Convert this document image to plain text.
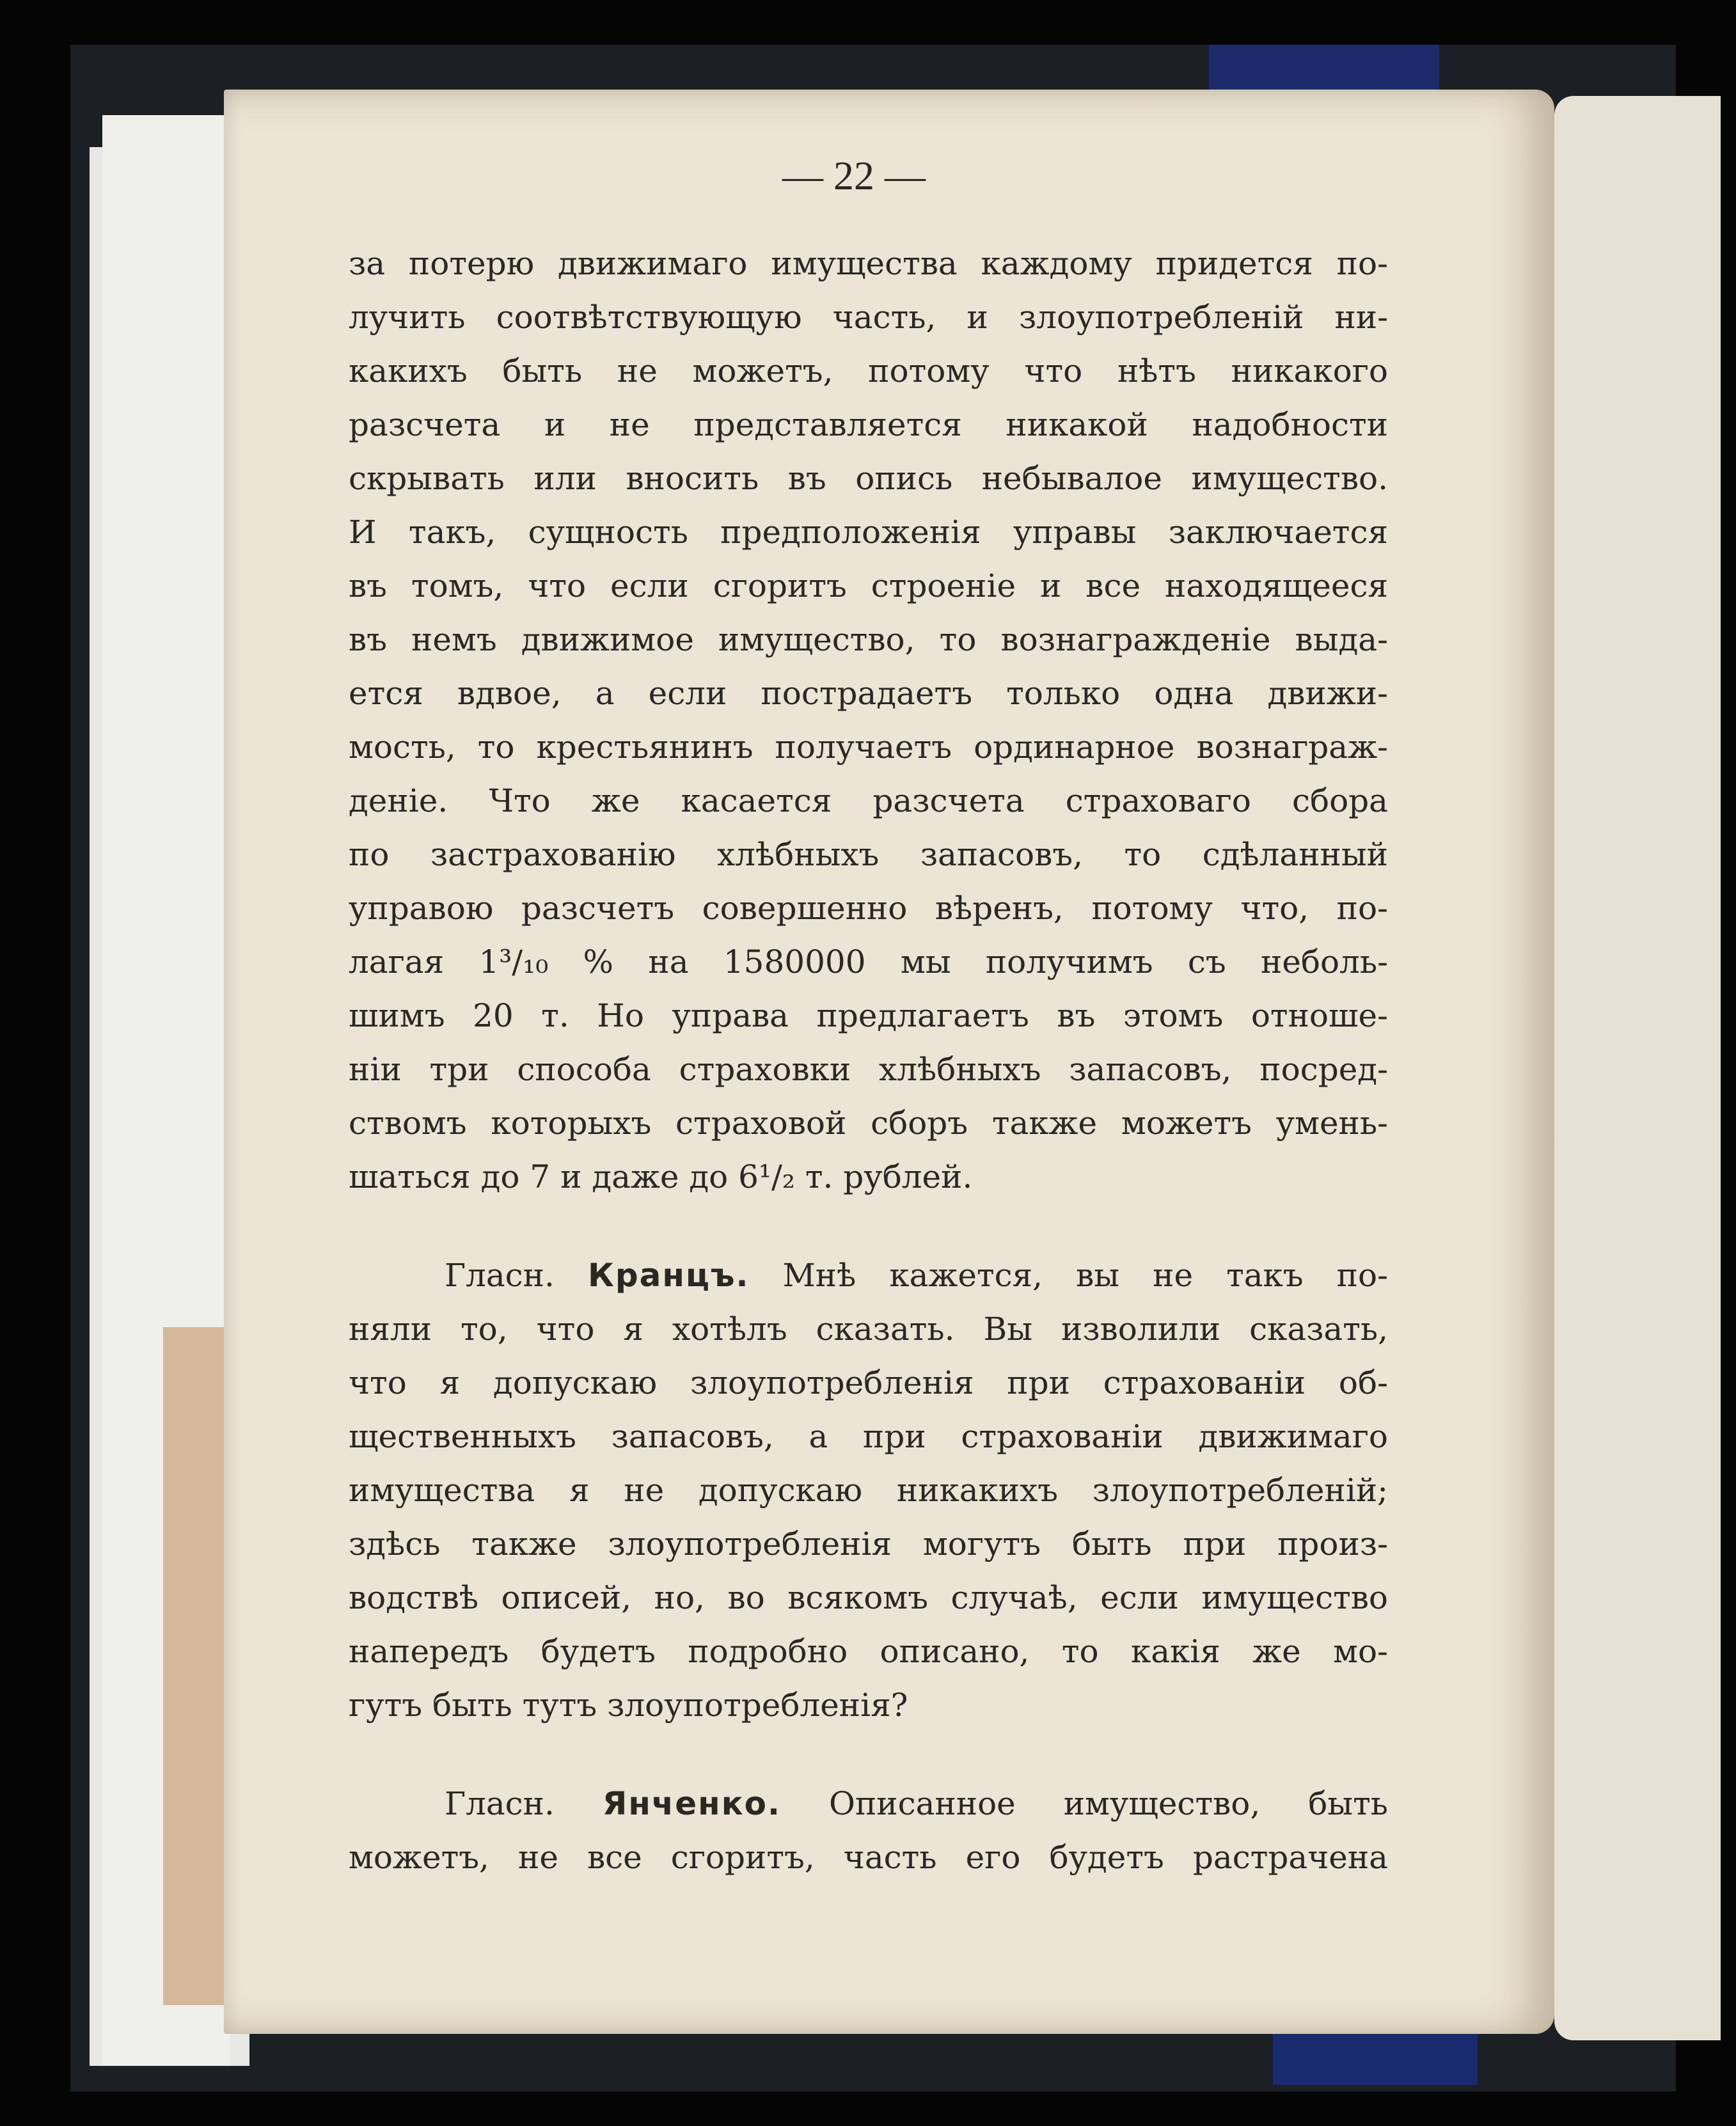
— 22 —
за потерю движимаго имущества каждому придется по-
лучить соотвѣтствующую часть, и злоупотребленій ни-
какихъ быть не можетъ, потому что нѣтъ никакого
разсчета и не представляется никакой надобности
скрывать или вносить въ опись небывалое имущество.
И такъ, сущность предположенія управы заключается
въ томъ, что если сгоритъ строеніе и все находящееся
въ немъ движимое имущество, то вознагражденіе выда-
ется вдвое, а если пострадаетъ только одна движи-
мость, то крестьянинъ получаетъ ординарное вознаграж-
деніе. Что же касается разсчета страховаго сбора
по застрахованію хлѣбныхъ запасовъ, то сдѣланный
управою разсчетъ совершенно вѣренъ, потому что, по-
лагая 1³/₁₀ % на 1580000 мы получимъ съ неболь-
шимъ 20 т. Но управа предлагаетъ въ этомъ отноше-
ніи три способа страховки хлѣбныхъ запасовъ, посред-
ствомъ которыхъ страховой сборъ также можетъ умень-
шаться до 7 и даже до 6¹/₂ т. рублей.
Гласн. Кранцъ. Мнѣ кажется, вы не такъ по-
няли то, что я хотѣлъ сказать. Вы изволили сказать,
что я допускаю злоупотребленія при страхованіи об-
щественныхъ запасовъ, а при страхованіи движимаго
имущества я не допускаю никакихъ злоупотребленій;
здѣсь также злоупотребленія могутъ быть при произ-
водствѣ описей, но, во всякомъ случаѣ, если имущество
напередъ будетъ подробно описано, то какія же мо-
гутъ быть тутъ злоупотребленія?
Гласн. Янченко. Описанное имущество, быть
можетъ, не все сгоритъ, часть его будетъ растрачена
